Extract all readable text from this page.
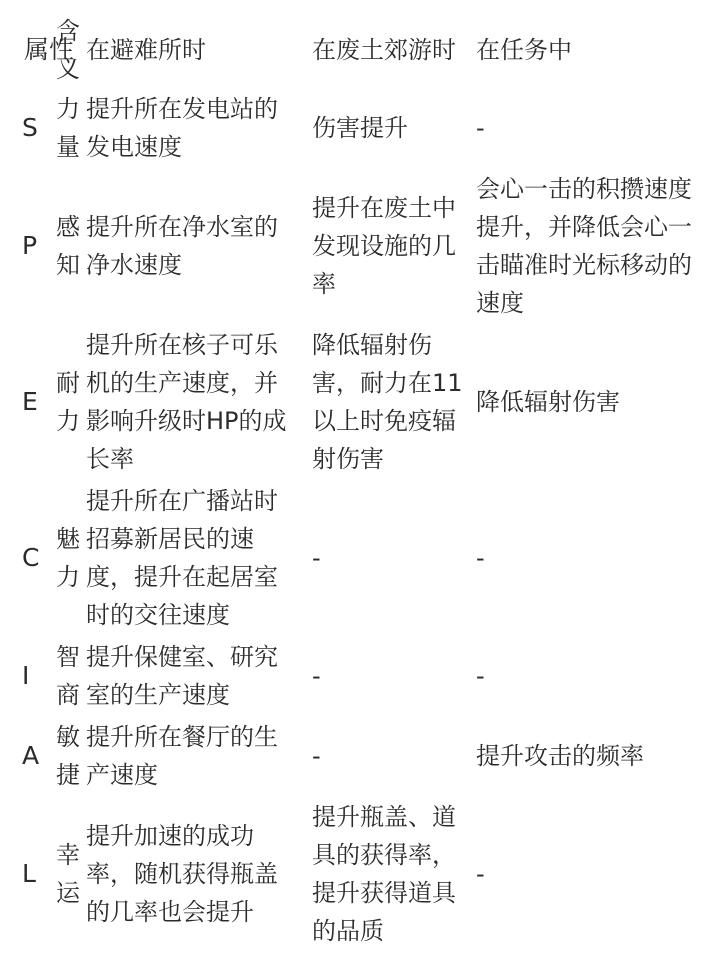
属性	含义	在避难所时	在废土郊游时	在任务中
S	力量	提升所在发电站的发电速度	伤害提升	-
P	感知	提升所在净水室的净水速度	提升在废土中发现设施的几率	会心一击的积攒速度提升，并降低会心一击瞄准时光标移动的速度
E	耐力	提升所在核子可乐机的生产速度，并影响升级时HP的成长率	降低辐射伤害，耐力在11以上时免疫辐射伤害	降低辐射伤害
C	魅力	提升所在广播站时招募新居民的速度，提升在起居室时的交往速度	-	-
I	智商	提升保健室、研究室的生产速度	-	-
A	敏捷	提升所在餐厅的生产速度	-	提升攻击的频率
L	幸运	提升加速的成功率，随机获得瓶盖的几率也会提升	提升瓶盖、道具的获得率，提升获得道具的品质	-
